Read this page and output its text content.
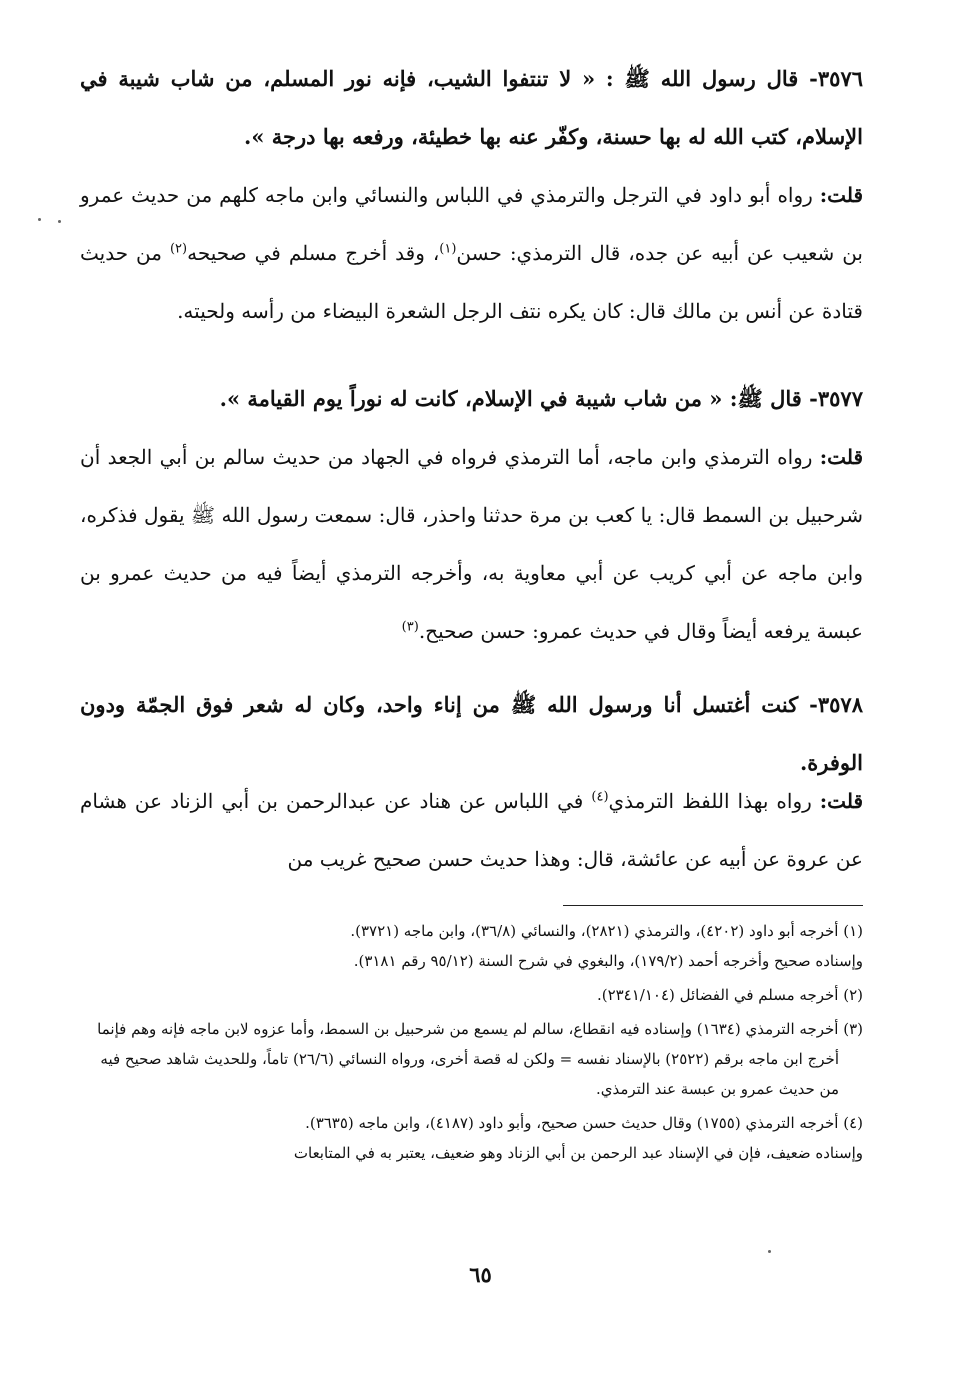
٣٥٧٦- قال رسول الله ﷺ : « لا تنتفوا الشيب، فإنه نور المسلم، من شاب شيبة في الإسلام، كتب الله له بها حسنة، وكفّر عنه بها خطيئة، ورفعه بها درجة ».

قلت: رواه أبو داود في الترجل والترمذي في اللباس والنسائي وابن ماجه كلهم من حديث عمرو بن شعيب عن أبيه عن جده، قال الترمذي: حسن$^{(١)}$، وقد أخرج مسلم في صحيحه$^{(٢)}$ من حديث قتادة عن أنس بن مالك قال: كان يكره نتف الرجل الشعرة البيضاء من رأسه ولحيته.

٣٥٧٧- قال ﷺ: « من شاب شيبة في الإسلام، كانت له نوراً يوم القيامة ».

قلت: رواه الترمذي وابن ماجه، أما الترمذي فرواه في الجهاد من حديث سالم بن أبي الجعد أن شرحبيل بن السمط قال: يا كعب بن مرة حدثنا واحذر، قال: سمعت رسول الله ﷺ يقول فذكره، وابن ماجه عن أبي كريب عن أبي معاوية به، وأخرجه الترمذي أيضاً فيه من حديث عمرو بن عبسة يرفعه أيضاً وقال في حديث عمرو: حسن صحيح.$^{(٣)}$

٣٥٧٨- كنت أغتسل أنا ورسول الله ﷺ من إناء واحد، وكان له شعر فوق الجمّة ودون الوفرة.

قلت: رواه بهذا اللفظ الترمذي$^{(٤)}$ في اللباس عن هناد عن عبدالرحمن بن أبي الزناد عن هشام عن عروة عن أبيه عن عائشة، قال: وهذا حديث حسن صحيح غريب من

(١) أخرجه أبو داود (٤٢٠٢)، والترمذي (٢٨٢١)، والنسائي (٣٦/٨)، وابن ماجه (٣٧٢١).
وإسناده صحيح وأخرجه أحمد (١٧٩/٢)، والبغوي في شرح السنة (٩٥/١٢ رقم ٣١٨١).
(٢) أخرجه مسلم في الفضائل (٢٣٤١/١٠٤).
(٣) أخرجه الترمذي (١٦٣٤) وإسناده فيه انقطاع، سالم لم يسمع من شرحبيل بن السمط، وأما عزوه لابن ماجه فإنه وهم فإنما أخرج ابن ماجه برقم (٢٥٢٢) بالإسناد نفسه = ولكن له قصة أخرى، ورواه النسائي (٢٦/٦) تاماً، وللحديث شاهد صحيح فيه من حديث عمرو بن عبسة عند الترمذي.
(٤) أخرجه الترمذي (١٧٥٥) وقال حديث حسن صحيح، وأبو داود (٤١٨٧)، وابن ماجه (٣٦٣٥).
وإسناده ضعيف، فإن في الإسناد عبد الرحمن بن أبي الزناد وهو ضعيف، يعتبر به في المتابعات
٦٥
